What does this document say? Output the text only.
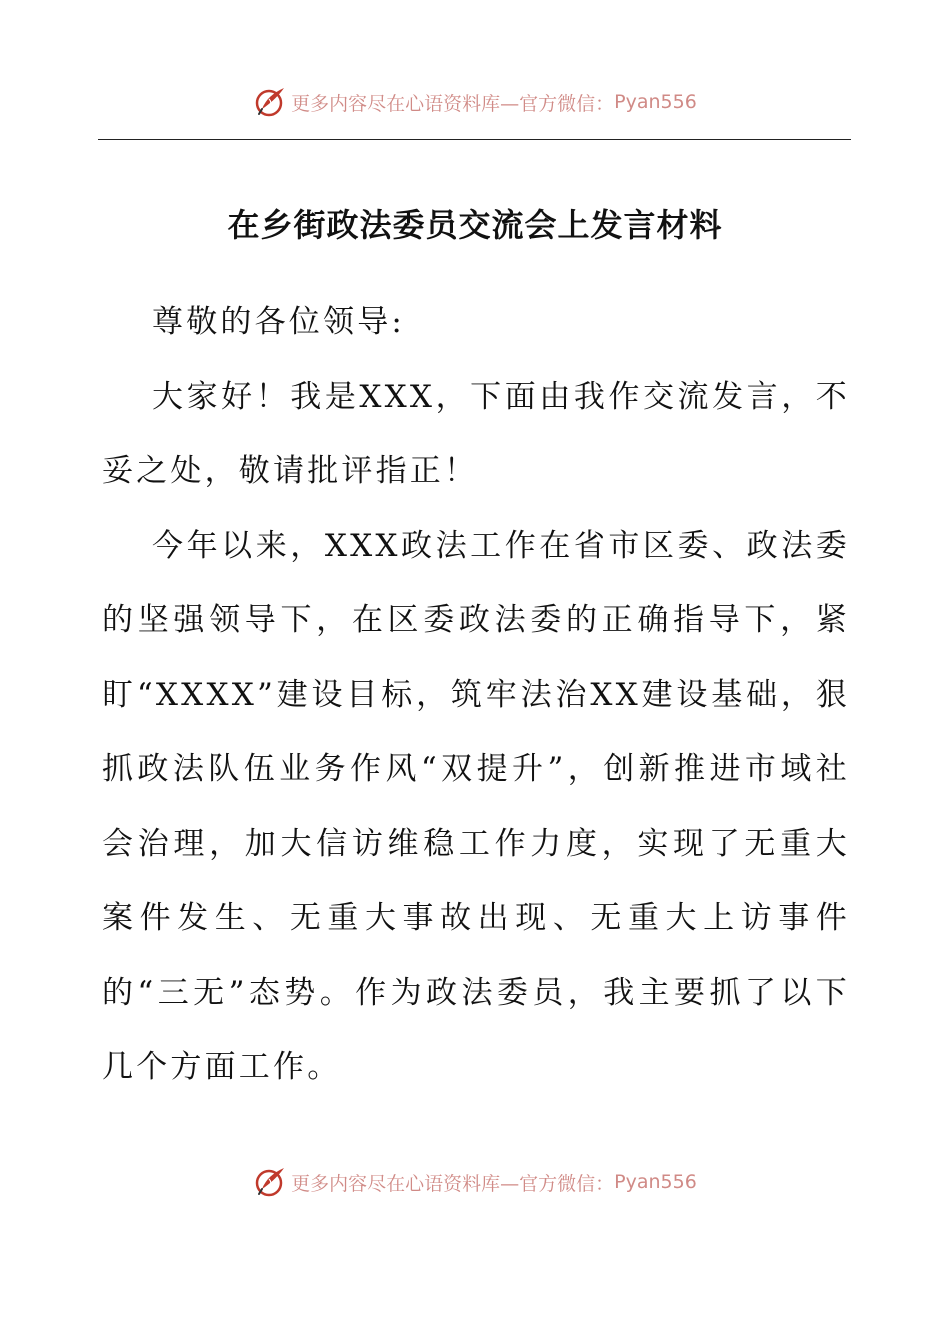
更多内容尽在心语资料库—官方微信： Pyan556
在乡街政法委员交流会上发言材料

尊敬的各位领导:

大家好！我是XXX，下面由我作交流发言，不妥之处，敬请批评指正！

今年以来，XXX政法工作在省市区委、政法委的坚强领导下，在区委政法委的正确指导下，紧盯“XXXX”建设目标，筑牢法治XX建设基础，狠抓政法队伍业务作风“双提升”，创新推进市域社会治理，加大信访维稳工作力度，实现了无重大案件发生、无重大事故出现、无重大上访事件的“三无”态势。作为政法委员，我主要抓了以下几个方面工作。

更多内容尽在心语资料库—官方微信： Pyan556
